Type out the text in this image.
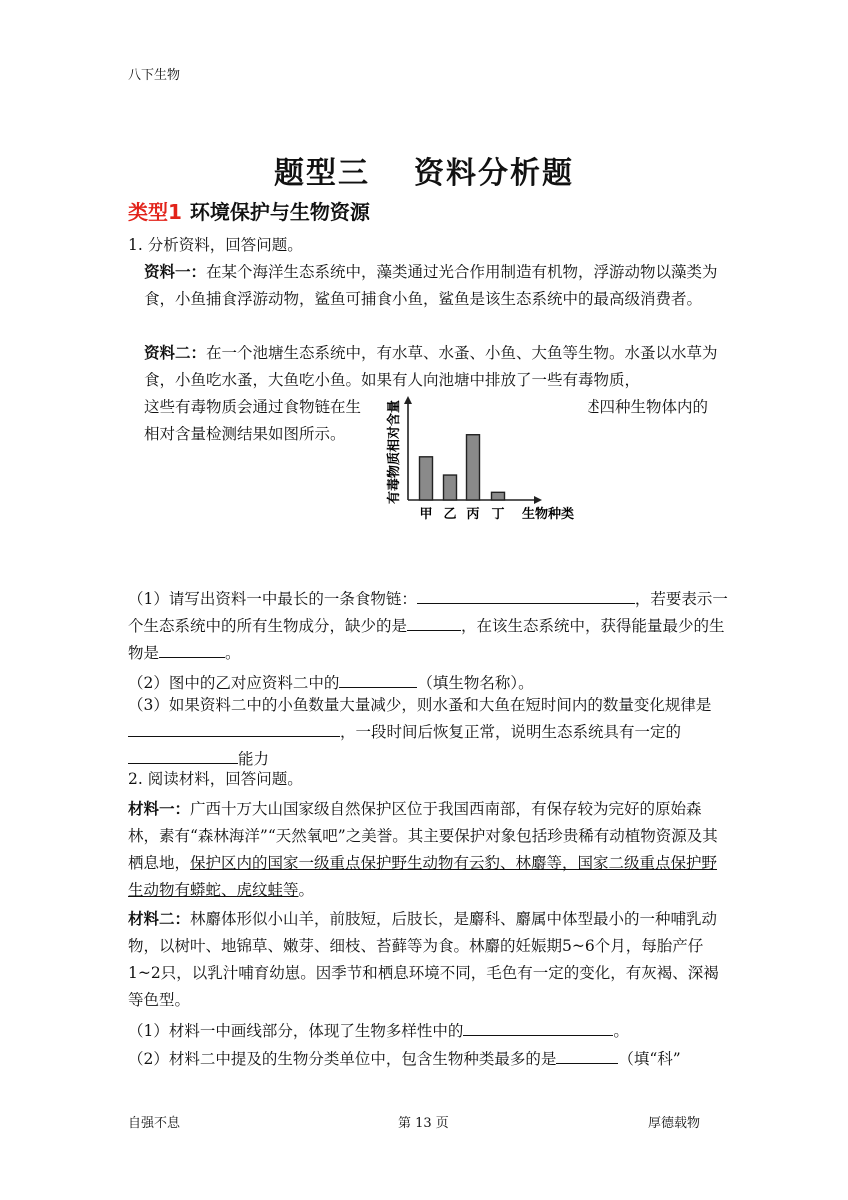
八下生物
题型三 资料分析题
类型1 环境保护与生物资源
1. 分析资料，回答问题。
资料一：在某个海洋生态系统中，藻类通过光合作用制造有机物，浮游动物以藻类为食，小鱼捕食浮游动物，鲨鱼可捕食小鱼，鲨鱼是该生态系统中的最高级消费者。
资料二：在一个池塘生态系统中，有水草、水蚤、小鱼、大鱼等生物。水蚤以水草为食，小鱼吃水蚤，大鱼吃小鱼。如果有人向池塘中排放了一些有毒物质，
这些有毒物质会通过食物链在生	述四种生物体内的
相对含量检测结果如图所示。	有毒物质相对含量
甲 乙 丙 丁 生物种类
（1）请写出资料一中最长的一条食物链：	，若要表示一个生态系统中的所有生物成分，缺少的是	，在该生态系统中，获得能量最少的生物是	。
（2）图中的乙对应资料二中的	（填生物名称）。
（3）如果资料二中的小鱼数量大量减少，则水蚤和大鱼在短时间内的数量变化规律是，一段时间后恢复正常，说明生态系统具有一定的能力
2. 阅读材料，回答问题。
材料一：广西十万大山国家级自然保护区位于我国西南部，有保存较为完好的原始森林，素有“森林海洋”“天然氧吧”之美誉。其主要保护对象包括珍贵稀有动植物资源及其栖息地，保护区内的国家一级重点保护野生动物有云豹、林麝等，国家二级重点保护野生动物有蟒蛇、虎纹蛙等。
材料二：林麝体形似小山羊，前肢短，后肢长，是麝科、麝属中体型最小的一种哺乳动物，以树叶、地锦草、嫩芽、细枝、苔藓等为食。林麝的妊娠期5~6个月，每胎产仔1~2只，以乳汁哺育幼崽。因季节和栖息环境不同，毛色有一定的变化，有灰褐、深褐等色型。
（1）材料一中画线部分，体现了生物多样性中的	。
（2）材料二中提及的生物分类单位中，包含生物种类最多的是	（填“科”
自强不息	第 13 页	厚德载物
